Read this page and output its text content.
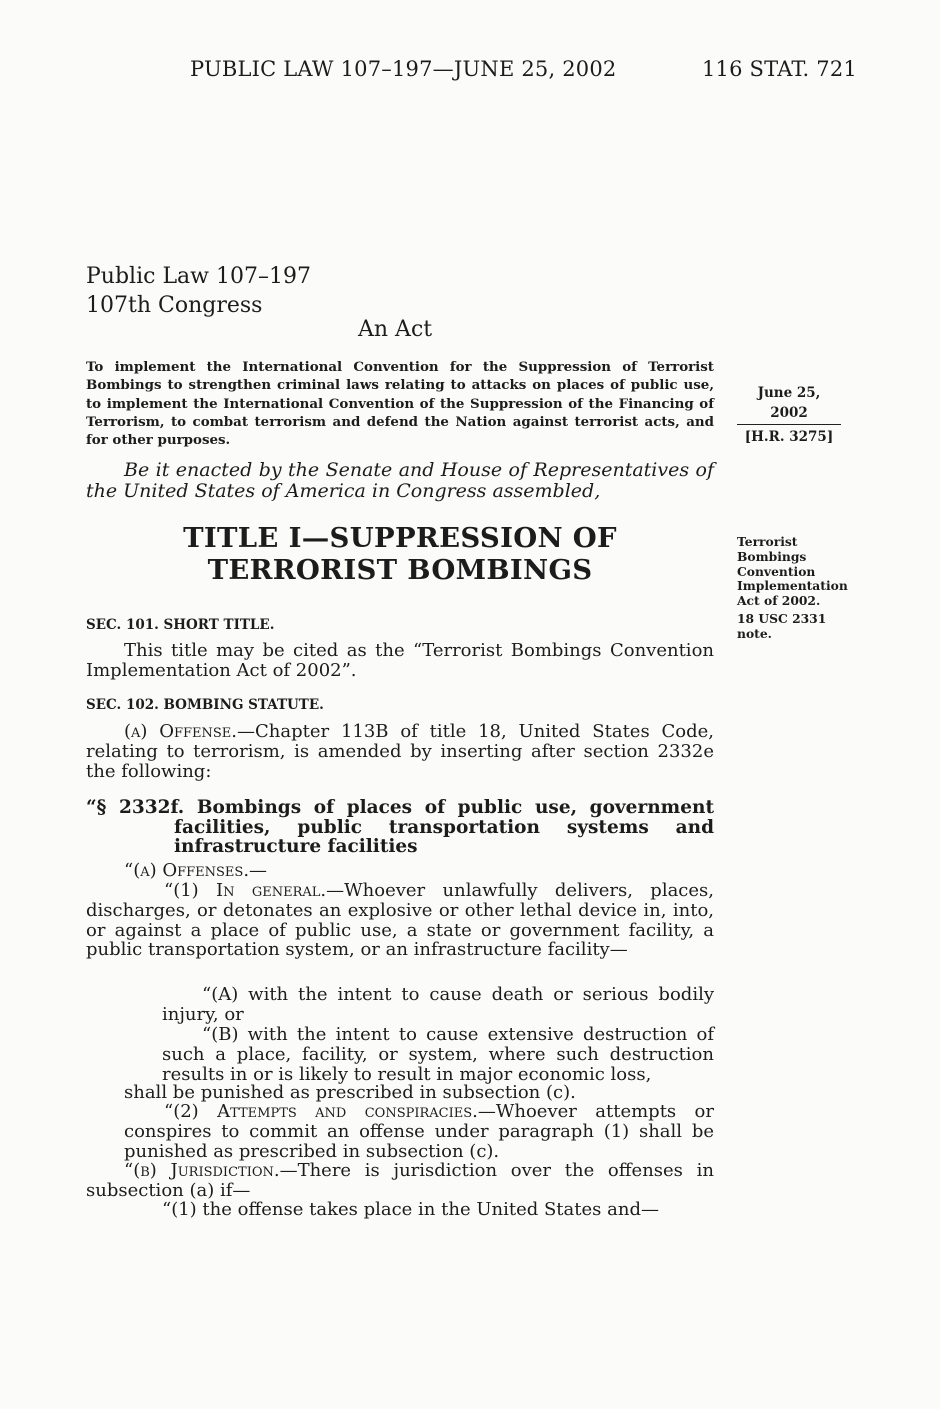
PUBLIC LAW 107–197—JUNE 25, 2002	116 STAT. 721
Public Law 107–197
107th Congress
An Act
To implement the International Convention for the Suppression of Terrorist Bombings to strengthen criminal laws relating to attacks on places of public use, to implement the International Convention of the Suppression of the Financing of Terrorism, to combat terrorism and defend the Nation against terrorist acts, and for other purposes.
June 25, 2002
[H.R. 3275]
Be it enacted by the Senate and House of Representatives of the United States of America in Congress assembled,
TITLE I—SUPPRESSION OF TERRORIST BOMBINGS
Terrorist
Bombings
Convention
Implementation
Act of 2002.
18 USC 2331
note.
SEC. 101. SHORT TITLE.
This title may be cited as the “Terrorist Bombings Convention Implementation Act of 2002”.
SEC. 102. BOMBING STATUTE.
(a) Offense.—Chapter 113B of title 18, United States Code, relating to terrorism, is amended by inserting after section 2332e the following:
“§ 2332f. Bombings of places of public use, government facilities, public transportation systems and infrastructure facilities
“(a) Offenses.—
“(1) In general.—Whoever unlawfully delivers, places, discharges, or detonates an explosive or other lethal device in, into, or against a place of public use, a state or government facility, a public transportation system, or an infrastructure facility—
“(A) with the intent to cause death or serious bodily injury, or
“(B) with the intent to cause extensive destruction of such a place, facility, or system, where such destruction results in or is likely to result in major economic loss,
shall be punished as prescribed in subsection (c).
“(2) Attempts and conspiracies.—Whoever attempts or conspires to commit an offense under paragraph (1) shall be punished as prescribed in subsection (c).
“(b) Jurisdiction.—There is jurisdiction over the offenses in subsection (a) if—
“(1) the offense takes place in the United States and—
